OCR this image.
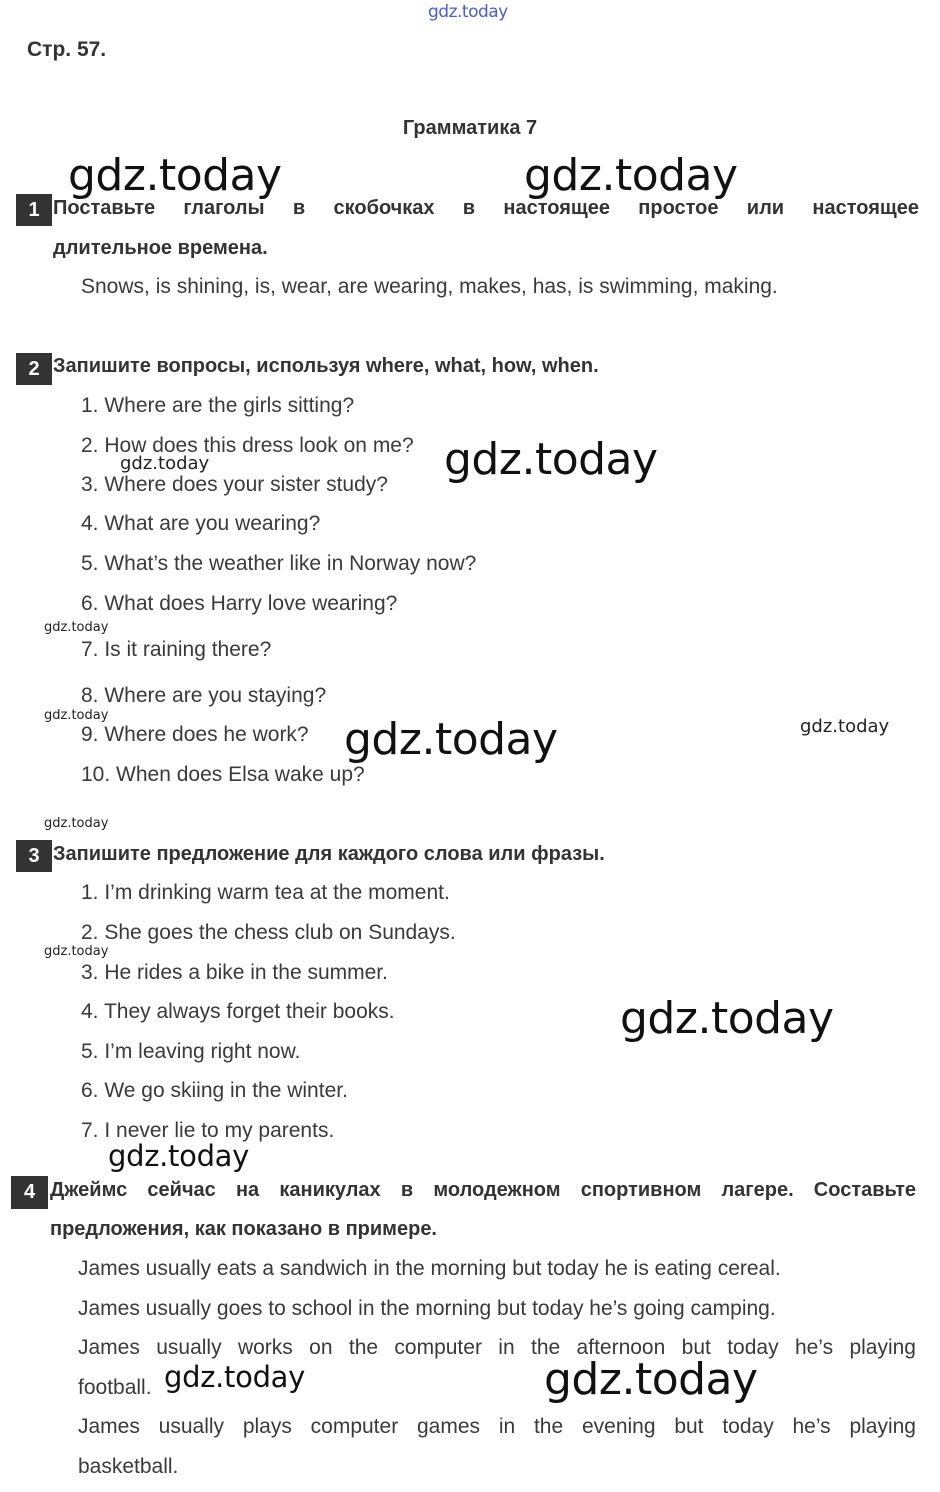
gdz.today
gdz.today	gdz.today
gdz.today
gdz.today
gdz.today
gdz.today	gdz.today	gdz.today
gdz.today
gdz.today
gdz.today
gdz.today
gdz.today	gdz.today
Стр. 57.
Грамматика 7
1 Поставьте глаголы в скобочках в настоящее простое или настоящее
длительное времена.
Snows, is shining, is, wear, are wearing, makes, has, is swimming, making.
2 Запишите вопросы, используя where, what, how, when.
1. Where are the girls sitting?
2. How does this dress look on me?
3. Where does your sister study?
4. What are you wearing?
5. What’s the weather like in Norway now?
6. What does Harry love wearing?
7. Is it raining there?
8. Where are you staying?
9. Where does he work?
10. When does Elsa wake up?
3 Запишите предложение для каждого слова или фразы.
1. I’m drinking warm tea at the moment.
2. She goes the chess club on Sundays.
3. He rides a bike in the summer.
4. They always forget their books.
5. I’m leaving right now.
6. We go skiing in the winter.
7. I never lie to my parents.
4 Джеймс сейчас на каникулах в молодежном спортивном лагере. Составьте
предложения, как показано в примере.
James usually eats a sandwich in the morning but today he is eating cereal.
James usually goes to school in the morning but today he’s going camping.
James usually works on the computer in the afternoon but today he’s playing
football.
James usually plays computer games in the evening but today he’s playing
basketball.
